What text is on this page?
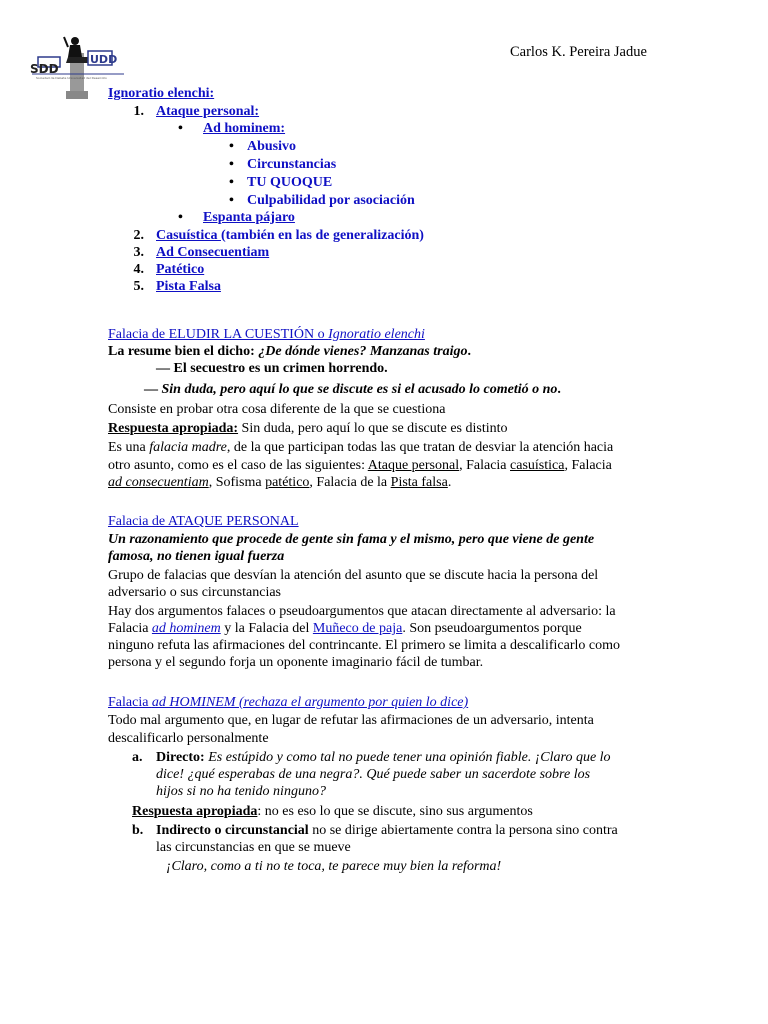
SDD
UDD
Sociedad de Debate Universidad del Desarrollo
Carlos K. Pereira Jadue
Ignoratio elenchi:
1. Ataque personal:
• Ad hominem:
• Abusivo
• Circunstancias
• TU QUOQUE
• Culpabilidad por asociación
• Espanta pájaro
2. Casuística (también en las de generalización)
3. Ad Consecuentiam
4. Patético
5. Pista Falsa
Falacia de ELUDIR LA CUESTIÓN o Ignoratio elenchi
La resume bien el dicho: ¿De dónde vienes? Manzanas traigo.
— El secuestro es un crimen horrendo.
— Sin duda, pero aquí lo que se discute es si el acusado lo cometió o no.
Consiste en probar otra cosa diferente de la que se cuestiona
Respuesta apropiada: Sin duda, pero aquí lo que se discute es distinto
Es una falacia madre, de la que participan todas las que tratan de desviar la atención hacia
otro asunto, como es el caso de las siguientes: Ataque personal, Falacia casuística, Falacia
ad consecuentiam, Sofisma patético, Falacia de la Pista falsa.
Falacia de ATAQUE PERSONAL
Un razonamiento que procede de gente sin fama y el mismo, pero que viene de gente
famosa, no tienen igual fuerza
Grupo de falacias que desvían la atención del asunto que se discute hacia la persona del
adversario o sus circunstancias
Hay dos argumentos falaces o pseudoargumentos que atacan directamente al adversario: la
Falacia ad hominem y la Falacia del Muñeco de paja. Son pseudoargumentos porque
ninguno refuta las afirmaciones del contrincante. El primero se limita a descalificarlo como
persona y el segundo forja un oponente imaginario fácil de tumbar.
Falacia ad HOMINEM (rechaza el argumento por quien lo dice)
Todo mal argumento que, en lugar de refutar las afirmaciones de un adversario, intenta
descalificarlo personalmente
a. Directo: Es estúpido y como tal no puede tener una opinión fiable. ¡Claro que lo
dice! ¿qué esperabas de una negra?. Qué puede saber un sacerdote sobre los
hijos si no ha tenido ninguno?
Respuesta apropiada: no es eso lo que se discute, sino sus argumentos
b. Indirecto o circunstancial no se dirige abiertamente contra la persona sino contra
las circunstancias en que se mueve
¡Claro, como a ti no te toca, te parece muy bien la reforma!
